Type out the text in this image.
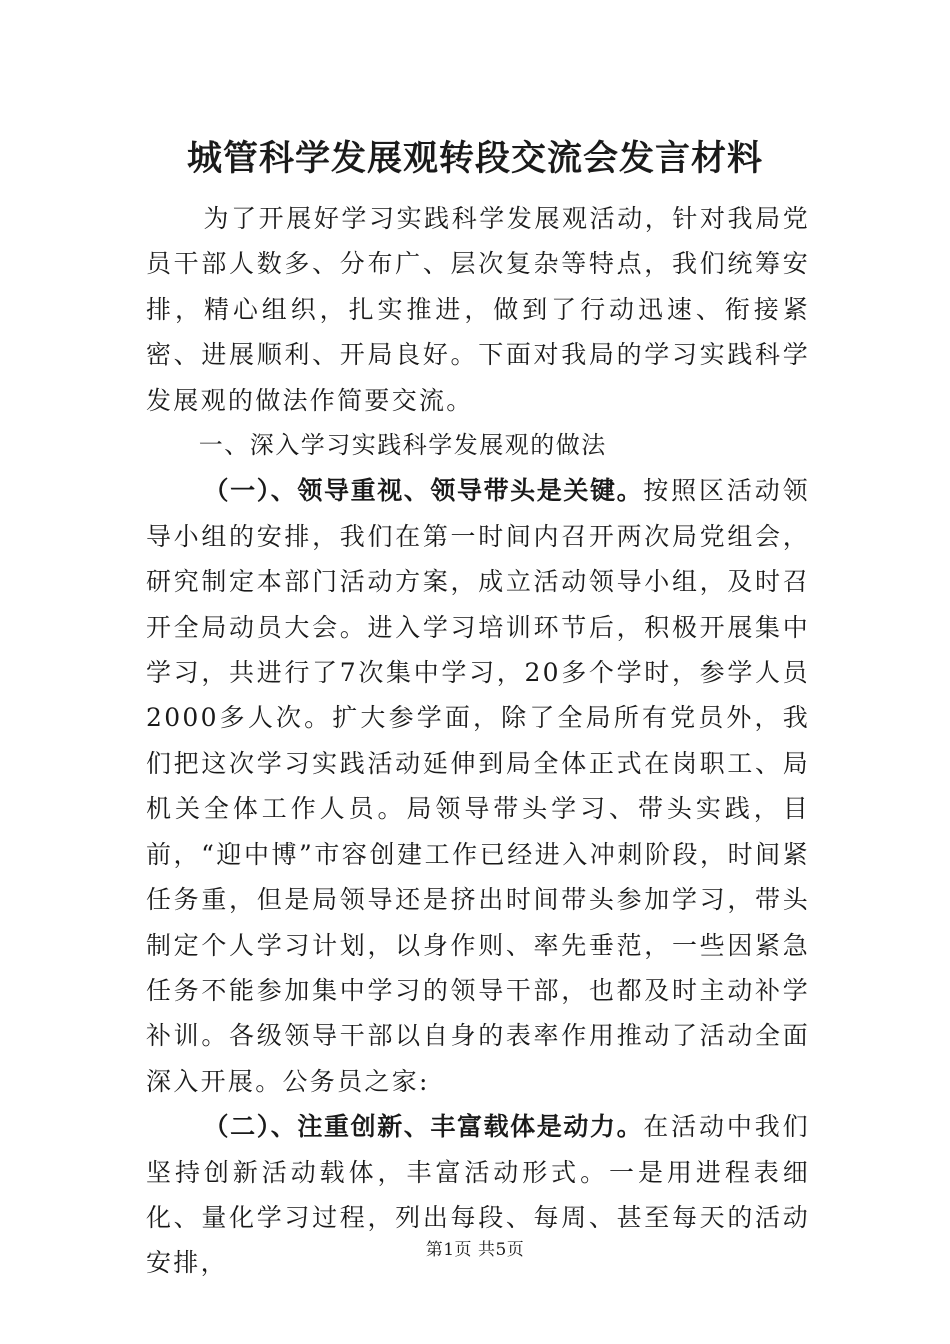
城管科学发展观转段交流会发言材料

为了开展好学习实践科学发展观活动，针对我局党员干部人数多、分布广、层次复杂等特点，我们统筹安排，精心组织，扎实推进，做到了行动迅速、衔接紧密、进展顺利、开局良好。下面对我局的学习实践科学发展观的做法作简要交流。

一、深入学习实践科学发展观的做法

（一）、领导重视、领导带头是关键。按照区活动领导小组的安排，我们在第一时间内召开两次局党组会，研究制定本部门活动方案，成立活动领导小组，及时召开全局动员大会。进入学习培训环节后，积极开展集中学习，共进行了7次集中学习，20多个学时，参学人员2000多人次。扩大参学面，除了全局所有党员外，我们把这次学习实践活动延伸到局全体正式在岗职工、局机关全体工作人员。局领导带头学习、带头实践，目前，“迎中博”市容创建工作已经进入冲刺阶段，时间紧任务重，但是局领导还是挤出时间带头参加学习，带头制定个人学习计划，以身作则、率先垂范，一些因紧急任务不能参加集中学习的领导干部，也都及时主动补学补训。各级领导干部以自身的表率作用推动了活动全面深入开展。公务员之家:

（二）、注重创新、丰富载体是动力。在活动中我们坚持创新活动载体，丰富活动形式。一是用进程表细化、量化学习过程，列出每段、每周、甚至每天的活动安排，	第1页 共5页
